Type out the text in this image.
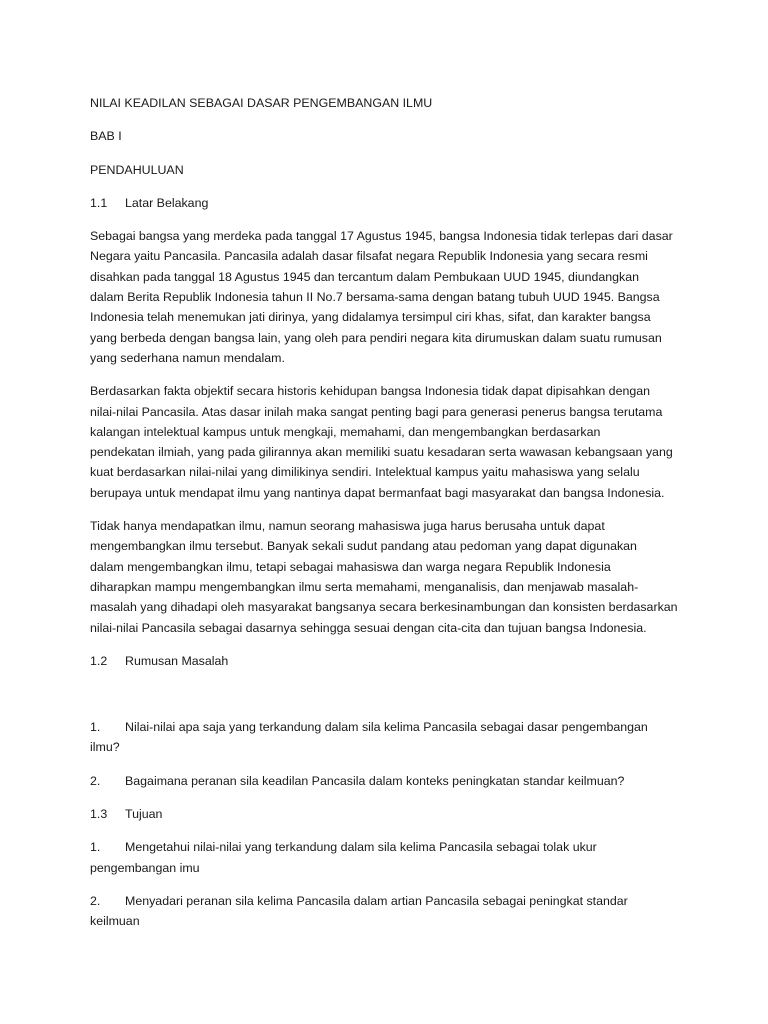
NILAI KEADILAN SEBAGAI DASAR PENGEMBANGAN ILMU

BAB I

PENDAHULUAN

1.1 Latar Belakang

Sebagai bangsa yang merdeka pada tanggal 17 Agustus 1945, bangsa Indonesia tidak terlepas dari dasar

Negara yaitu Pancasila. Pancasila adalah dasar filsafat negara Republik Indonesia yang secara resmi

disahkan pada tanggal 18 Agustus 1945 dan tercantum dalam Pembukaan UUD 1945, diundangkan

dalam Berita Republik Indonesia tahun II No.7 bersama-sama dengan batang tubuh UUD 1945. Bangsa

Indonesia telah menemukan jati dirinya, yang didalamya tersimpul ciri khas, sifat, dan karakter bangsa

yang berbeda dengan bangsa lain, yang oleh para pendiri negara kita dirumuskan dalam suatu rumusan

yang sederhana namun mendalam.

Berdasarkan fakta objektif secara historis kehidupan bangsa Indonesia tidak dapat dipisahkan dengan

nilai-nilai Pancasila. Atas dasar inilah maka sangat penting bagi para generasi penerus bangsa terutama

kalangan intelektual kampus untuk mengkaji, memahami, dan mengembangkan berdasarkan

pendekatan ilmiah, yang pada gilirannya akan memiliki suatu kesadaran serta wawasan kebangsaan yang

kuat berdasarkan nilai-nilai yang dimilikinya sendiri. Intelektual kampus yaitu mahasiswa yang selalu

berupaya untuk mendapat ilmu yang nantinya dapat bermanfaat bagi masyarakat dan bangsa Indonesia.

Tidak hanya mendapatkan ilmu, namun seorang mahasiswa juga harus berusaha untuk dapat

mengembangkan ilmu tersebut. Banyak sekali sudut pandang atau pedoman yang dapat digunakan

dalam mengembangkan ilmu, tetapi sebagai mahasiswa dan warga negara Republik Indonesia

diharapkan mampu mengembangkan ilmu serta memahami, menganalisis, dan menjawab masalah-

masalah yang dihadapi oleh masyarakat bangsanya secara berkesinambungan dan konsisten berdasarkan

nilai-nilai Pancasila sebagai dasarnya sehingga sesuai dengan cita-cita dan tujuan bangsa Indonesia.

1.2 Rumusan Masalah

1. Nilai-nilai apa saja yang terkandung dalam sila kelima Pancasila sebagai dasar pengembangan

ilmu?

2. Bagaimana peranan sila keadilan Pancasila dalam konteks peningkatan standar keilmuan?

1.3 Tujuan

1. Mengetahui nilai-nilai yang terkandung dalam sila kelima Pancasila sebagai tolak ukur

pengembangan imu

2. Menyadari peranan sila kelima Pancasila dalam artian Pancasila sebagai peningkat standar

keilmuan
